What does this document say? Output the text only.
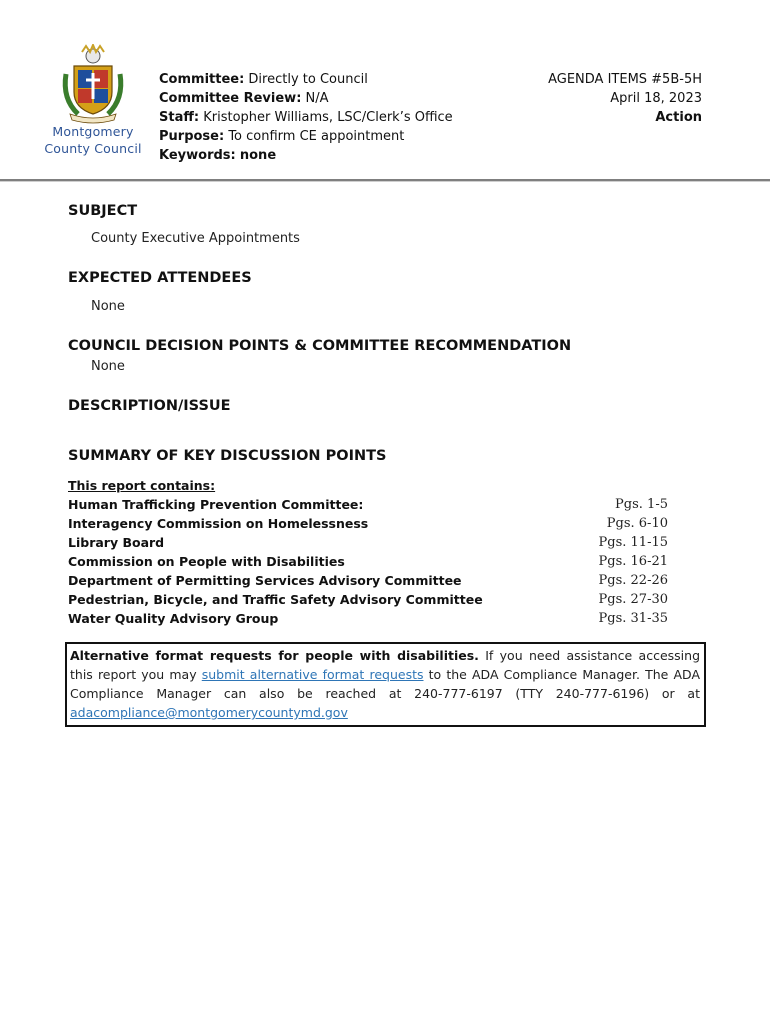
Montgomery
County Council
Committee: Directly to Council
Committee Review: N/A
Staff: Kristopher Williams, LSC/Clerk’s Office
Purpose: To confirm CE appointment
Keywords: none
AGENDA ITEMS #5B-5H
April 18, 2023
Action
SUBJECT
County Executive Appointments
EXPECTED ATTENDEES
None
COUNCIL DECISION POINTS & COMMITTEE RECOMMENDATION
None
DESCRIPTION/ISSUE
SUMMARY OF KEY DISCUSSION POINTS
This report contains:
Human Trafficking Prevention Committee:	Pgs. 1-5
Interagency Commission on Homelessness	Pgs. 6-10
Library Board	Pgs. 11-15
Commission on People with Disabilities	Pgs. 16-21
Department of Permitting Services Advisory Committee	Pgs. 22-26
Pedestrian, Bicycle, and Traffic Safety Advisory Committee	Pgs. 27-30
Water Quality Advisory Group	Pgs. 31-35
Alternative format requests for people with disabilities. If you need assistance accessing this report you may submit alternative format requests to the ADA Compliance Manager. The ADA Compliance Manager can also be reached at 240-777-6197 (TTY 240-777-6196) or at adacompliance@montgomerycountymd.gov
